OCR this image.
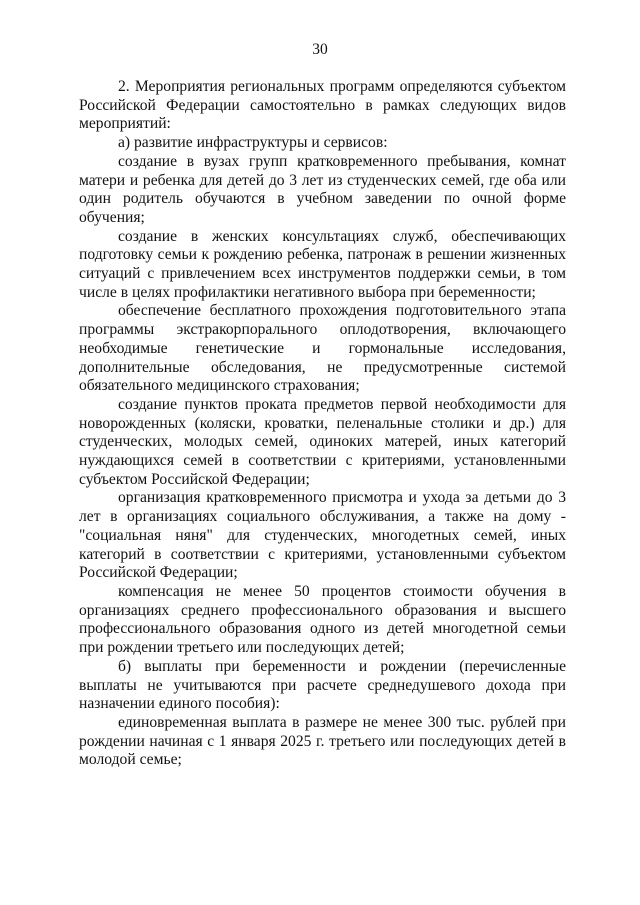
30

2. Мероприятия региональных программ определяются субъектом Российской Федерации самостоятельно в рамках следующих видов мероприятий:

а) развитие инфраструктуры и сервисов:

создание в вузах групп кратковременного пребывания, комнат матери и ребенка для детей до 3 лет из студенческих семей, где оба или один родитель обучаются в учебном заведении по очной форме обучения;

создание в женских консультациях служб, обеспечивающих подготовку семьи к рождению ребенка, патронаж в решении жизненных ситуаций с привлечением всех инструментов поддержки семьи, в том числе в целях профилактики негативного выбора при беременности;

обеспечение бесплатного прохождения подготовительного этапа программы экстракорпорального оплодотворения, включающего необходимые генетические и гормональные исследования, дополнительные обследования, не предусмотренные системой обязательного медицинского страхования;

создание пунктов проката предметов первой необходимости для новорожденных (коляски, кроватки, пеленальные столики и др.) для студенческих, молодых семей, одиноких матерей, иных категорий нуждающихся семей в соответствии с критериями, установленными субъектом Российской Федерации;

организация кратковременного присмотра и ухода за детьми до 3 лет в организациях социального обслуживания, а также на дому - "социальная няня" для студенческих, многодетных семей, иных категорий в соответствии с критериями, установленными субъектом Российской Федерации;

компенсация не менее 50 процентов стоимости обучения в организациях среднего профессионального образования и высшего профессионального образования одного из детей многодетной семьи при рождении третьего или последующих детей;

б) выплаты при беременности и рождении (перечисленные выплаты не учитываются при расчете среднедушевого дохода при назначении единого пособия):

единовременная выплата в размере не менее 300 тыс. рублей при рождении начиная с 1 января 2025 г. третьего или последующих детей в молодой семье;
